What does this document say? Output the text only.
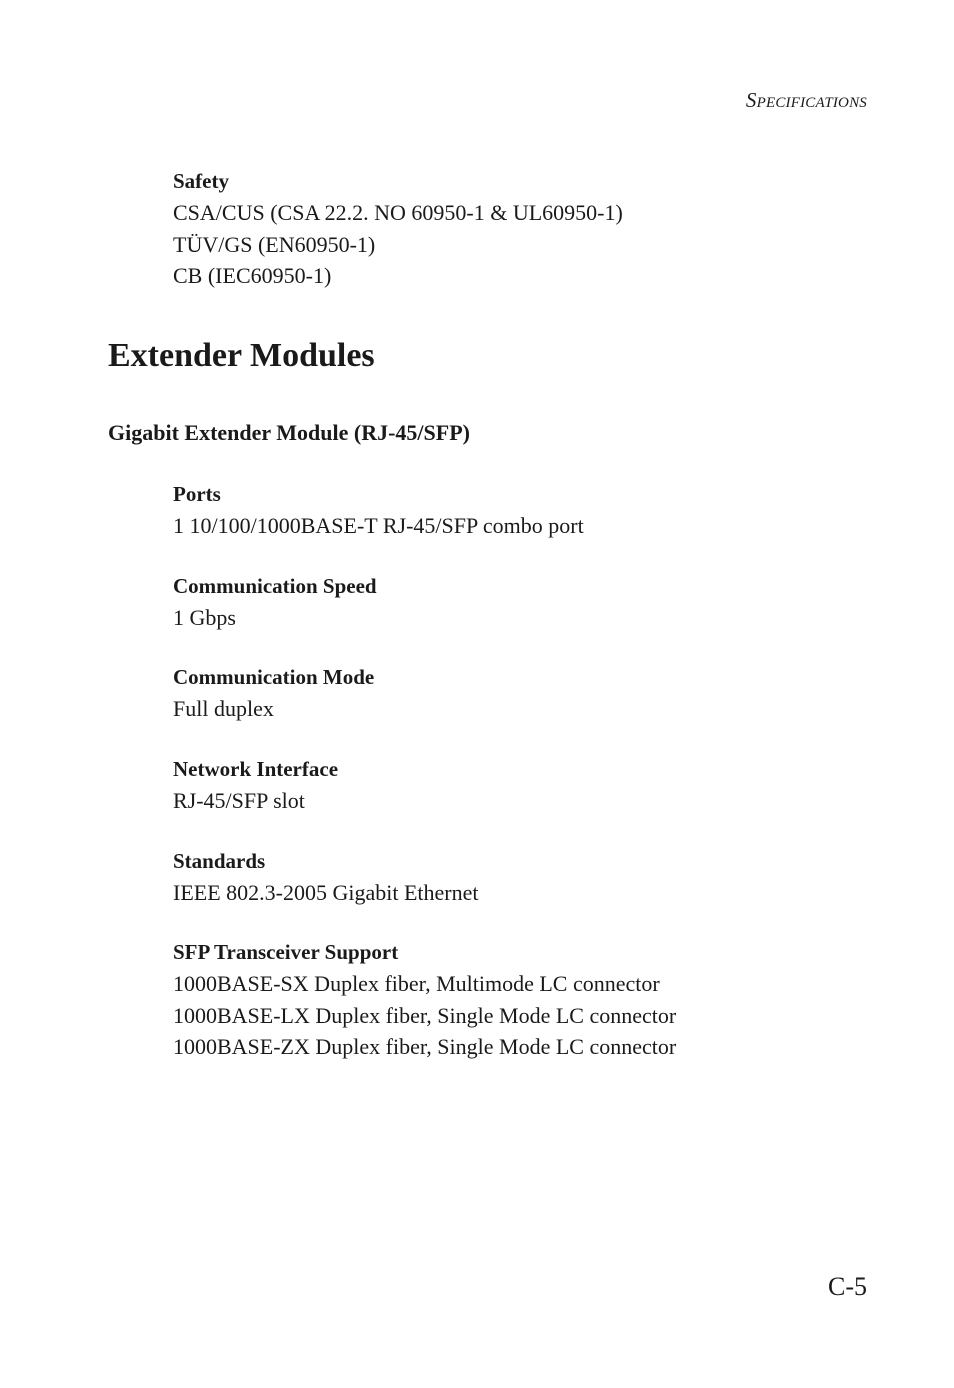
Specifications
Safety
CSA/CUS (CSA 22.2. NO 60950-1 & UL60950-1)
TÜV/GS (EN60950-1)
CB (IEC60950-1)
Extender Modules
Gigabit Extender Module (RJ-45/SFP)
Ports
1 10/100/1000BASE-T RJ-45/SFP combo port
Communication Speed
1 Gbps
Communication Mode
Full duplex
Network Interface
RJ-45/SFP slot
Standards
IEEE 802.3-2005 Gigabit Ethernet
SFP Transceiver Support
1000BASE-SX Duplex fiber, Multimode LC connector
1000BASE-LX Duplex fiber, Single Mode LC connector
1000BASE-ZX Duplex fiber, Single Mode LC connector
C-5
